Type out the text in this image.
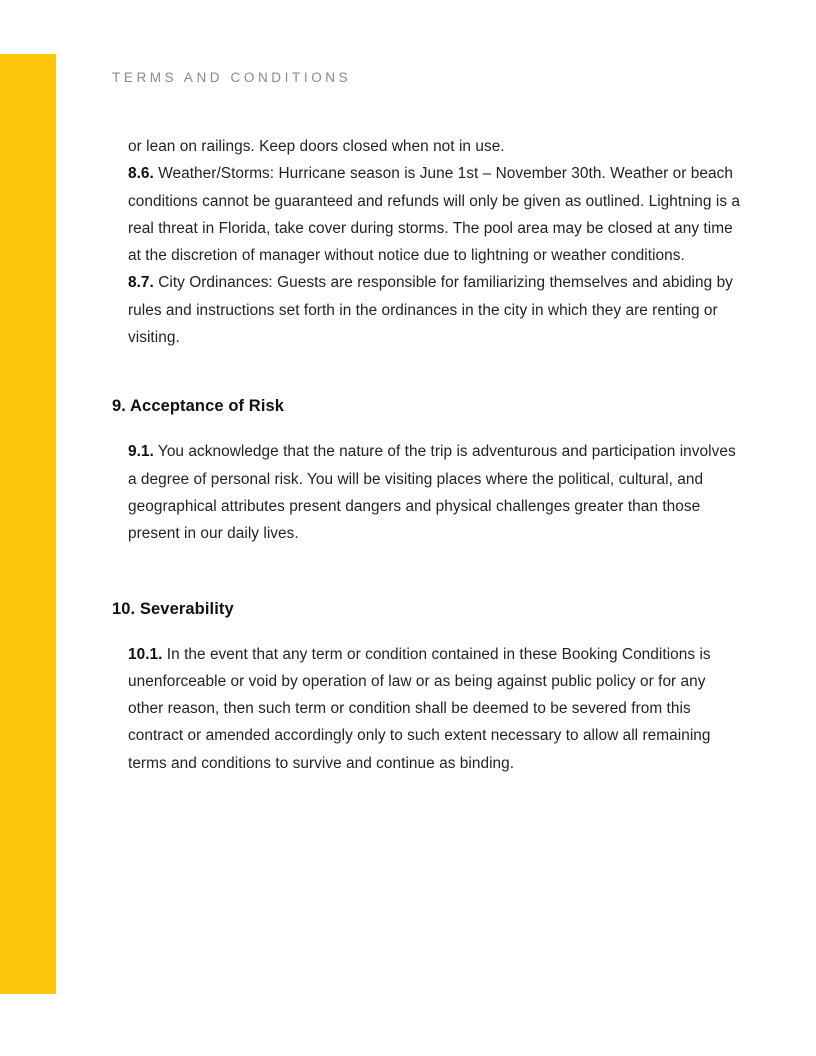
TERMS AND CONDITIONS

or lean on railings. Keep doors closed when not in use.

8.6. Weather/Storms: Hurricane season is June 1st – November 30th. Weather or beach conditions cannot be guaranteed and refunds will only be given as outlined. Lightning is a real threat in Florida, take cover during storms. The pool area may be closed at any time at the discretion of manager without notice due to lightning or weather conditions.

8.7. City Ordinances: Guests are responsible for familiarizing themselves and abiding by rules and instructions set forth in the ordinances in the city in which they are renting or visiting.

9. Acceptance of Risk

9.1. You acknowledge that the nature of the trip is adventurous and participation involves a degree of personal risk. You will be visiting places where the political, cultural, and geographical attributes present dangers and physical challenges greater than those present in our daily lives.

10. Severability

10.1. In the event that any term or condition contained in these Booking Conditions is unenforceable or void by operation of law or as being against public policy or for any other reason, then such term or condition shall be deemed to be severed from this contract or amended accordingly only to such extent necessary to allow all remaining terms and conditions to survive and continue as binding.
